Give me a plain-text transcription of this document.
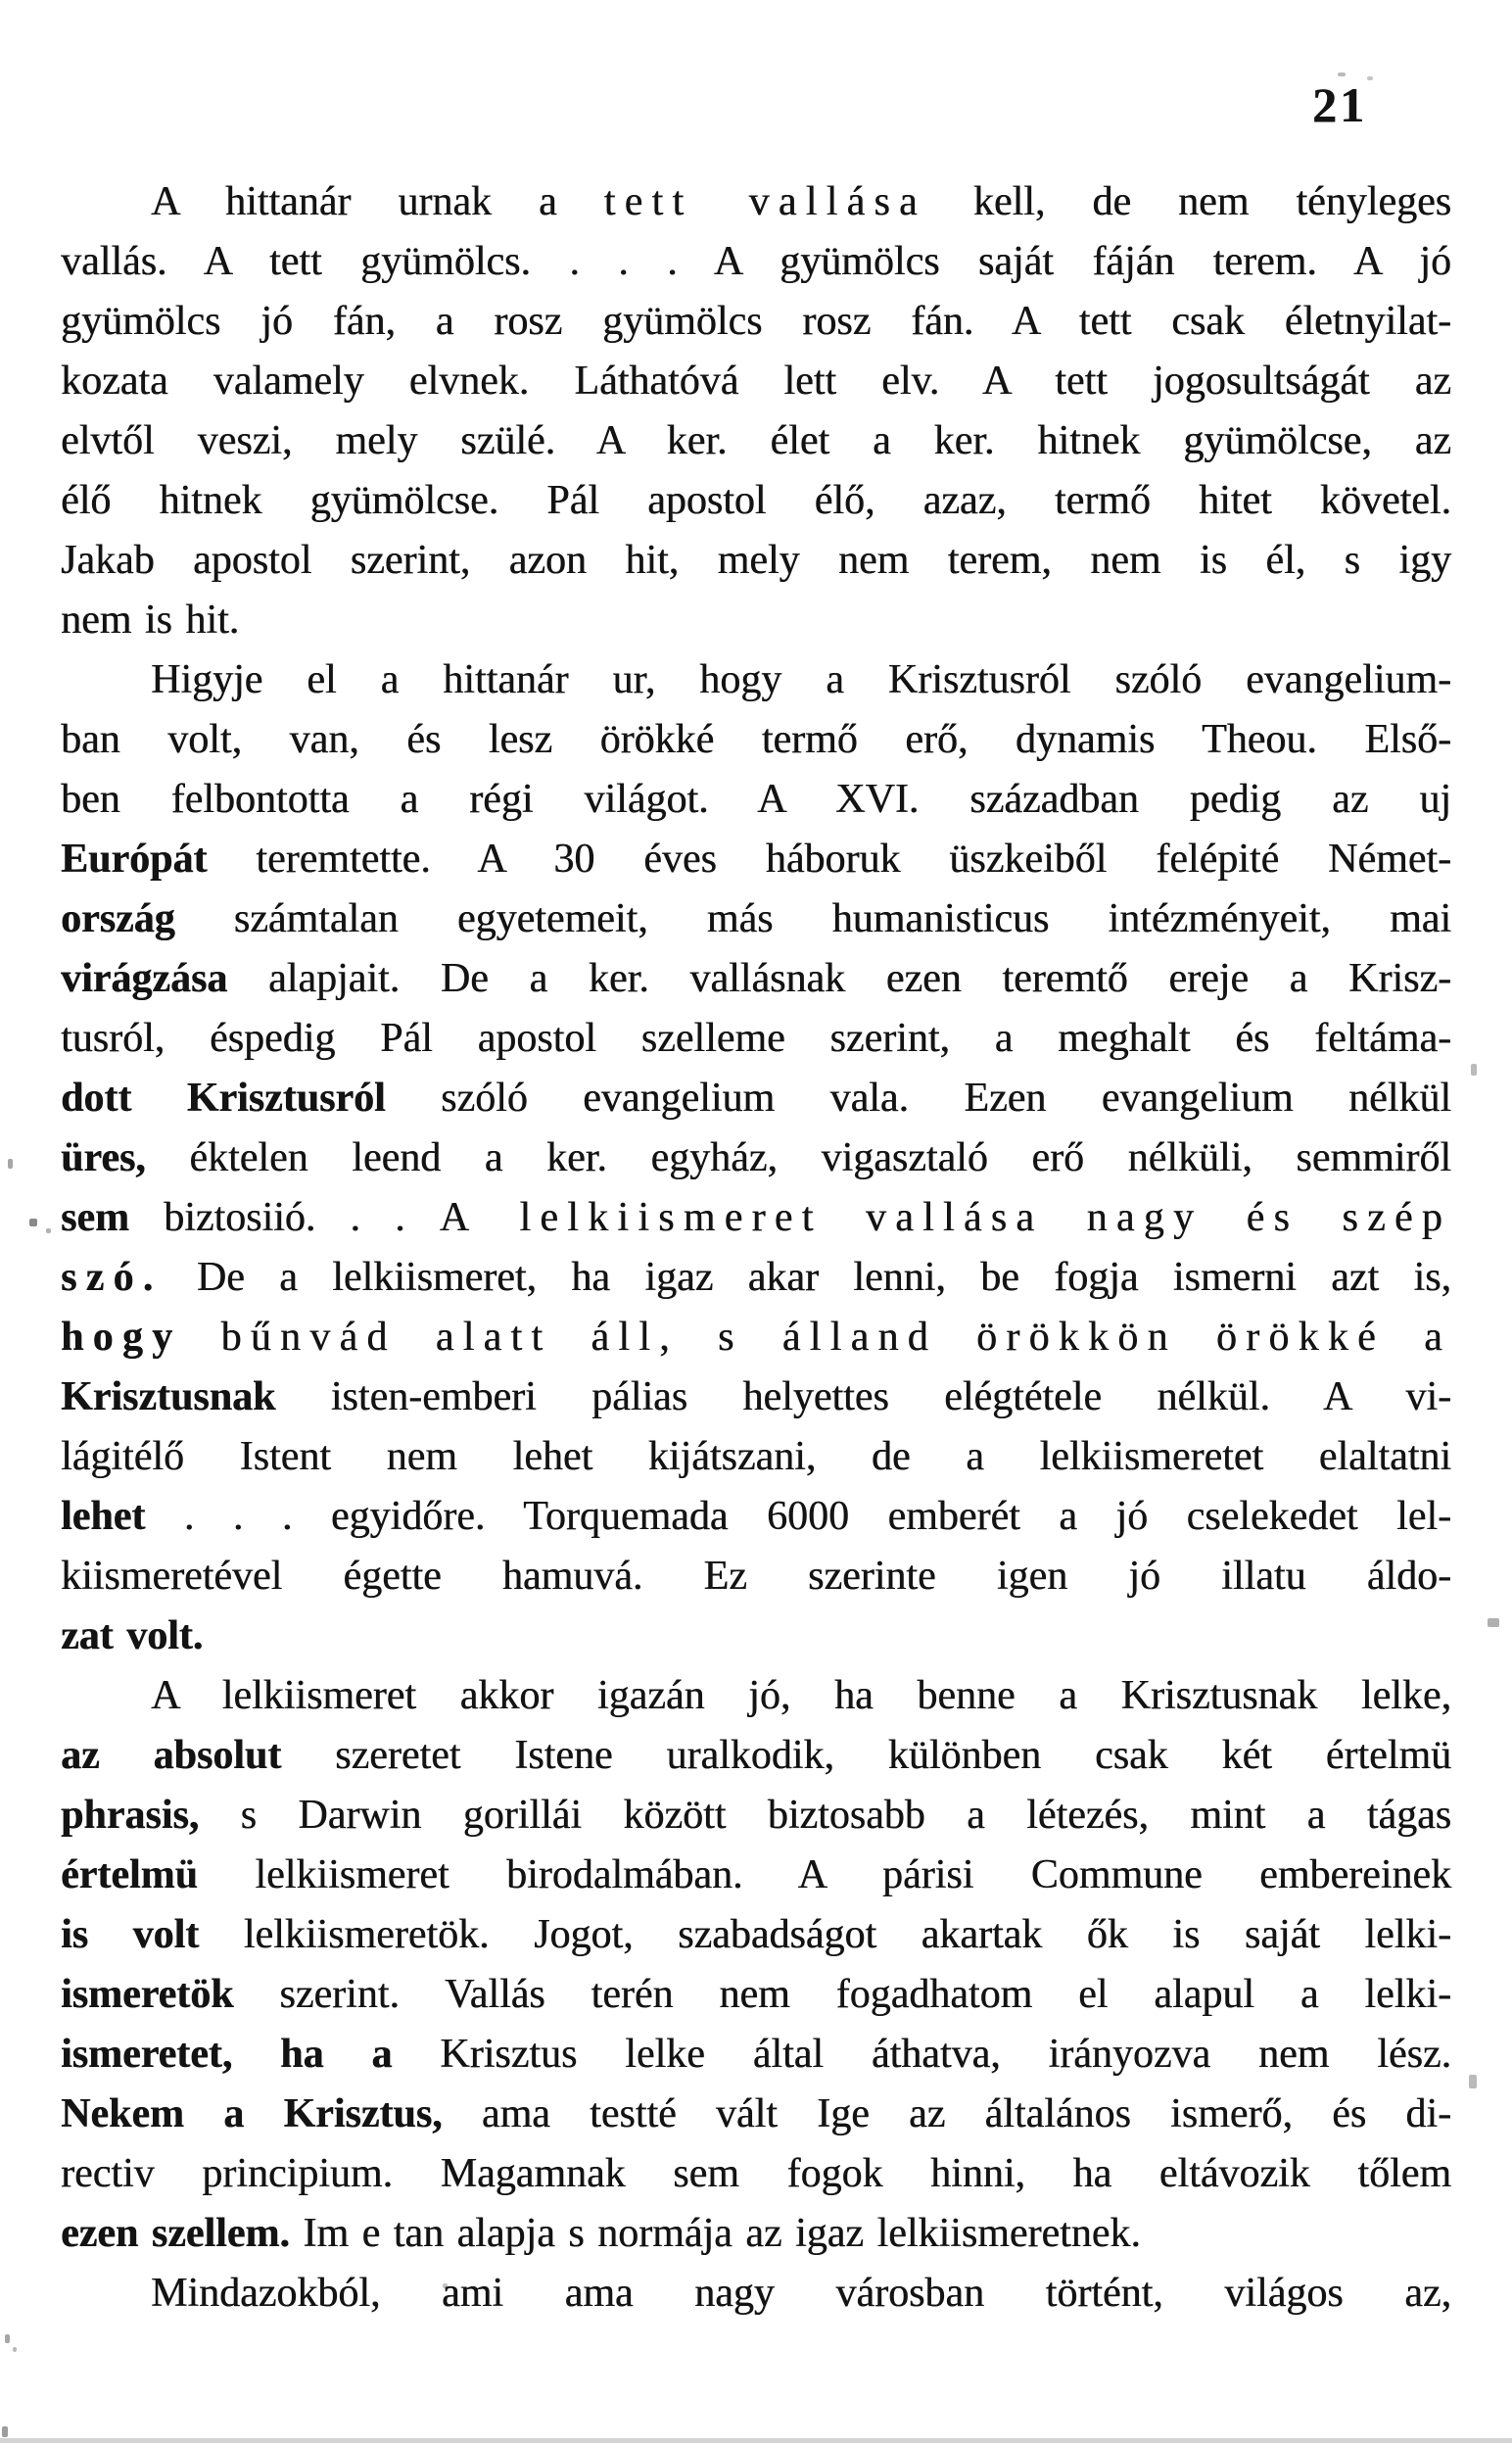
21
A hittanár urnak a tett vallása kell, de nem tényleges
vallás. A tett gyümölcs. . . . A gyümölcs saját fáján terem. A jó
gyümölcs jó fán, a rosz gyümölcs rosz fán. A tett csak életnyilat-
kozata valamely elvnek. Láthatóvá lett elv. A tett jogosultságát az
elvtől veszi, mely szülé. A ker. élet a ker. hitnek gyümölcse, az
élő hitnek gyümölcse. Pál apostol élő, azaz, termő hitet követel.
Jakab apostol szerint, azon hit, mely nem terem, nem is él, s igy
nem is hit.
Higyje el a hittanár ur, hogy a Krisztusról szóló evangelium-
ban volt, van, és lesz örökké termő erő, dynamis Theou. Első-
ben felbontotta a régi világot. A XVI. században pedig az uj
Európát teremtette. A 30 éves háboruk üszkeiből felépité Német-
ország számtalan egyetemeit, más humanisticus intézményeit, mai
virágzása alapjait. De a ker. vallásnak ezen teremtő ereje a Krisz-
tusról, éspedig Pál apostol szelleme szerint, a meghalt és feltáma-
dott Krisztusról szóló evangelium vala. Ezen evangelium nélkül
üres, éktelen leend a ker. egyház, vigasztaló erő nélküli, semmiről
sem biztosiió. . . A lelkiismeret vallása nagy és szép
szó. De a lelkiismeret, ha igaz akar lenni, be fogja ismerni azt is,
hogy bűnvád alatt áll, s álland örökkön örökké a
Krisztusnak isten-emberi pálias helyettes elégtétele nélkül. A vi-
lágitélő Istent nem lehet kijátszani, de a lelkiismeretet elaltatni
lehet . . . egyidőre. Torquemada 6000 emberét a jó cselekedet lel-
kiismeretével égette hamuvá. Ez szerinte igen jó illatu áldo-
zat volt.
A lelkiismeret akkor igazán jó, ha benne a Krisztusnak lelke,
az absolut szeretet Istene uralkodik, különben csak két értelmü
phrasis, s Darwin gorillái között biztosabb a létezés, mint a tágas
értelmü lelkiismeret birodalmában. A párisi Commune embereinek
is volt lelkiismeretök. Jogot, szabadságot akartak ők is saját lelki-
ismeretök szerint. Vallás terén nem fogadhatom el alapul a lelki-
ismeretet, ha a Krisztus lelke által áthatva, irányozva nem lész.
Nekem a Krisztus, ama testté vált Ige az általános ismerő, és di-
rectiv principium. Magamnak sem fogok hinni, ha eltávozik tőlem
ezen szellem. Im e tan alapja s normája az igaz lelkiismeretnek.
Mindazokból, ami ama nagy városban történt, világos az,
